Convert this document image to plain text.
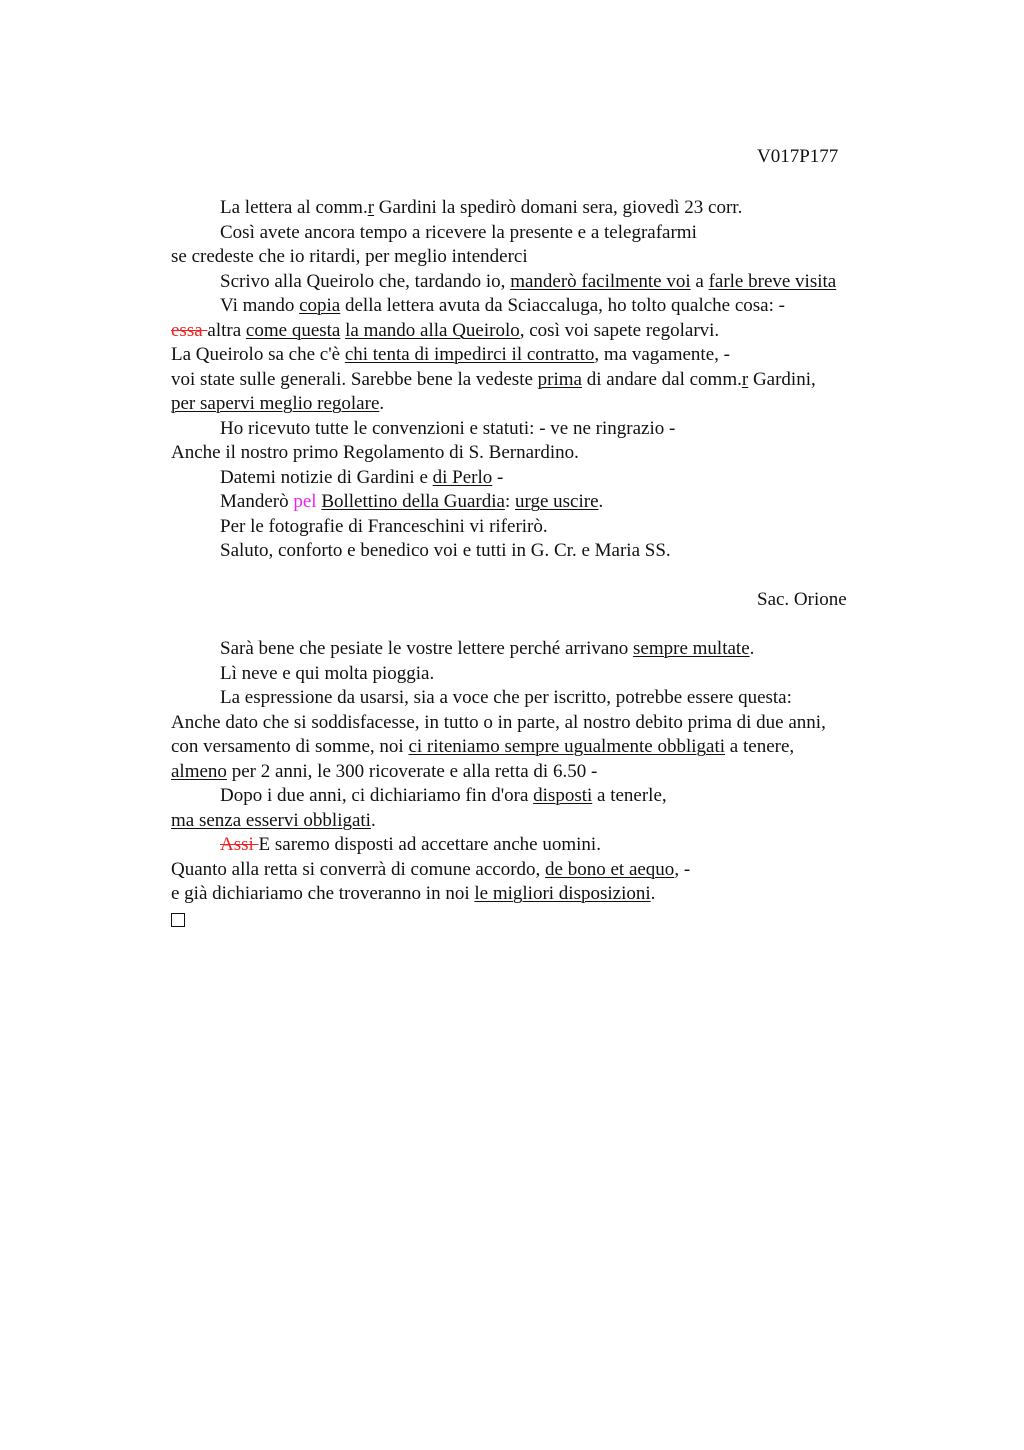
V017P177
La lettera al comm.r Gardini la spedirò domani sera, giovedì 23 corr.
Così avete ancora tempo a ricevere la presente e a telegrafarmi
se credeste che io ritardi, per meglio intenderci
Scrivo alla Queirolo che, tardando io, manderò facilmente voi a farle breve visita
Vi mando copia della lettera avuta da Sciaccaluga, ho tolto qualche cosa: -
essa altra come questa la mando alla Queirolo, così voi sapete regolarvi.
La Queirolo sa che c'è chi tenta di impedirci il contratto, ma vagamente, -
voi state sulle generali. Sarebbe bene la vedeste prima di andare dal comm.r Gardini,
per sapervi meglio regolare.
Ho ricevuto tutte le convenzioni e statuti: - ve ne ringrazio -
Anche il nostro primo Regolamento di S. Bernardino.
Datemi notizie di Gardini e di Perlo -
Manderò pel Bollettino della Guardia: urge uscire.
Per le fotografie di Franceschini vi riferirò.
Saluto, conforto e benedico voi e tutti in G. Cr. e Maria SS.
Sac. Orione
Sarà bene che pesiate le vostre lettere perché arrivano sempre multate.
Lì neve e qui molta pioggia.
La espressione da usarsi, sia a voce che per iscritto, potrebbe essere questa:
Anche dato che si soddisfacesse, in tutto o in parte, al nostro debito prima di due anni,
con versamento di somme, noi ci riteniamo sempre ugualmente obbligati a tenere,
almeno per 2 anni, le 300 ricoverate e alla retta di 6.50 -
Dopo i due anni, ci dichiariamo fin d'ora disposti a tenerle,
ma senza esservi obbligati.
Assi E saremo disposti ad accettare anche uomini.
Quanto alla retta si converrà di comune accordo, de bono et aequo, -
e già dichiariamo che troveranno in noi le migliori disposizioni.
